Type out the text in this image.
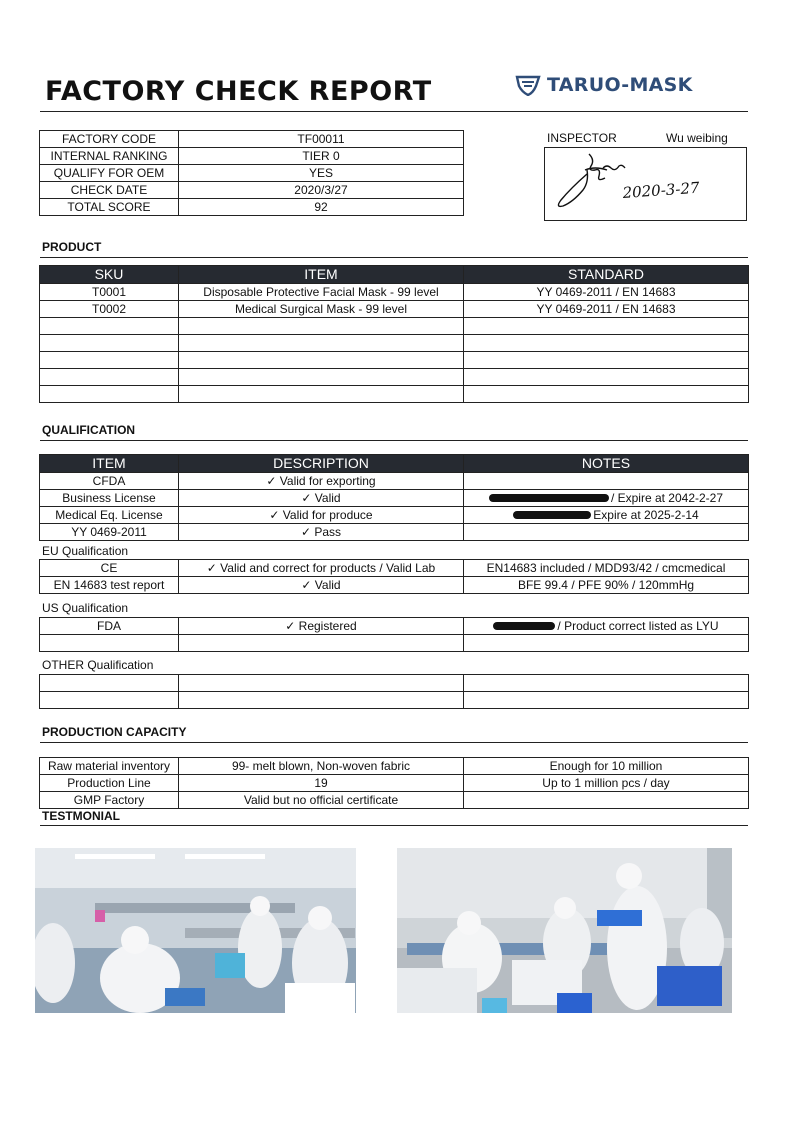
FACTORY CHECK REPORT	TARUO-MASK
FACTORY CODE	TF00011
INTERNAL RANKING	TIER 0
QUALIFY FOR OEM	YES
CHECK DATE	2020/3/27
TOTAL SCORE	92
INSPECTOR	Wu weibing
2020-3-27
PRODUCT
SKU	ITEM	STANDARD
T0001	Disposable Protective Facial Mask - 99 level	YY 0469-2011 / EN 14683
T0002	Medical Surgical Mask - 99 level	YY 0469-2011 / EN 14683

QUALIFICATION
ITEM	DESCRIPTION	NOTES
CFDA	✓ Valid for exporting	
Business License	✓ Valid	/ Expire at 2042-2-27
Medical Eq. License	✓ Valid for produce	Expire at 2025-2-14
YY 0469-2011	✓ Pass	
EU Qualification
CE	✓ Valid and correct for products / Valid Lab	EN14683 included / MDD93/42 / cmcmedical
EN 14683 test report	✓ Valid	BFE 99.4 / PFE 90% / 120mmHg
US Qualification
FDA	✓ Registered	/ Product correct listed as LYU

OTHER Qualification

PRODUCTION CAPACITY
Raw material inventory	99- melt blown, Non-woven fabric	Enough for 10 million
Production Line	19	Up to 1 million pcs / day
GMP Factory	Valid but no official certificate	
TESTMONIAL
